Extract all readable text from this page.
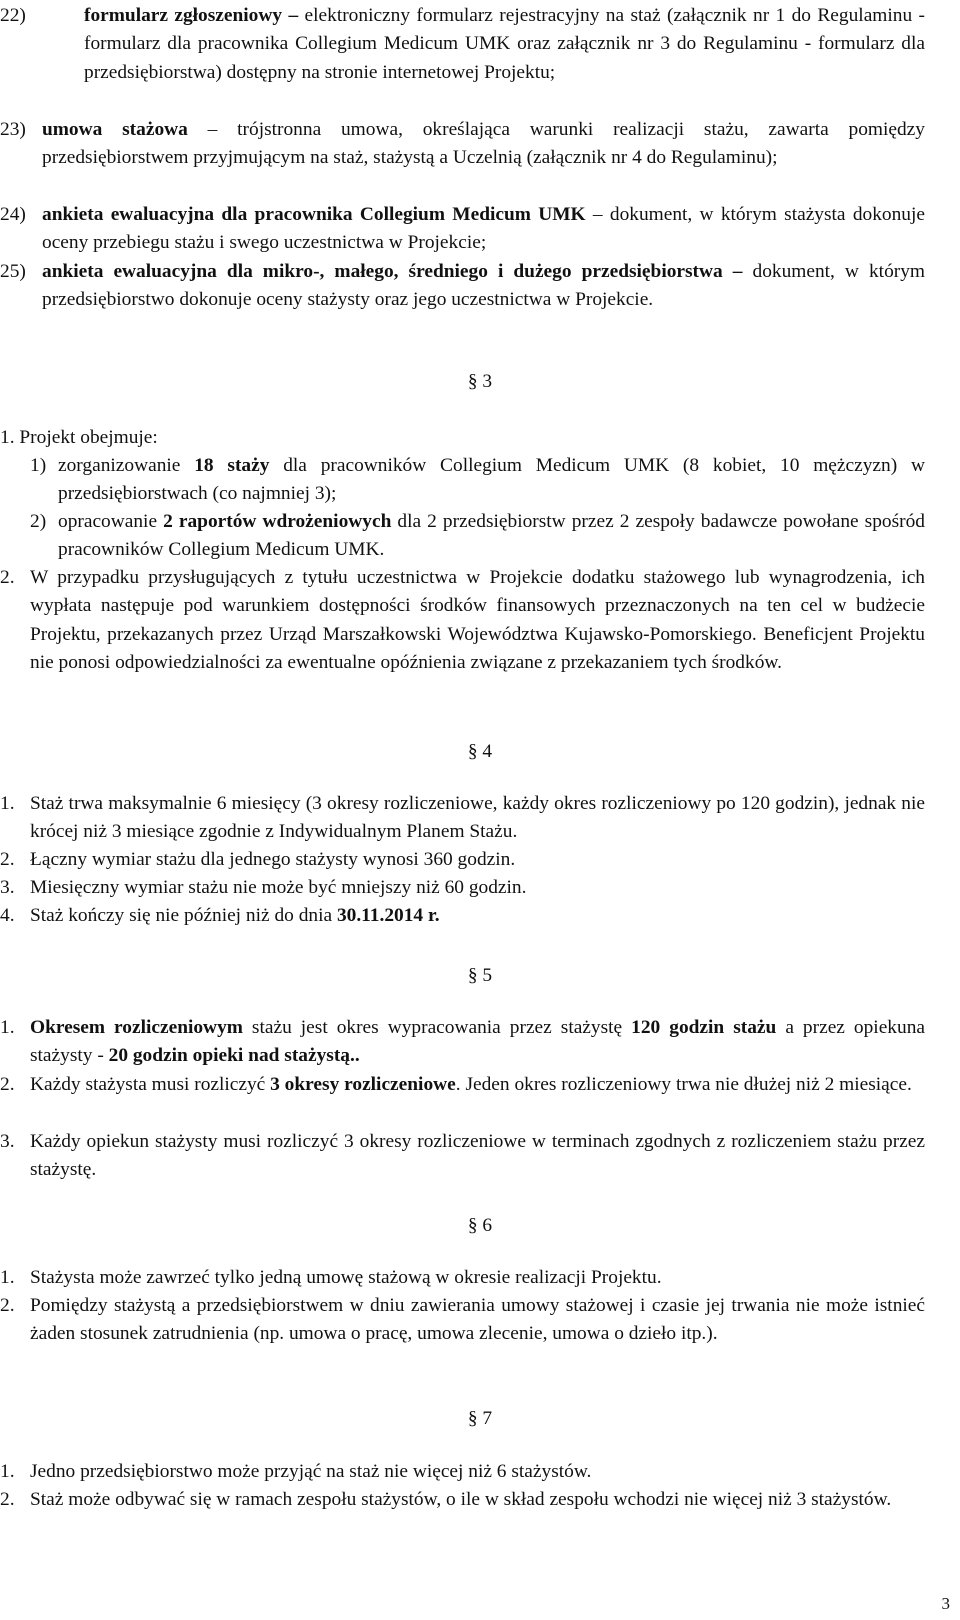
22)	formularz zgłoszeniowy – elektroniczny formularz rejestracyjny na staż (załącznik nr 1 do Regulaminu - formularz dla pracownika Collegium Medicum UMK oraz załącznik nr 3 do Regulaminu - formularz dla przedsiębiorstwa) dostępny na stronie internetowej Projektu;
23) umowa stażowa – trójstronna umowa, określająca warunki realizacji stażu, zawarta pomiędzy przedsiębiorstwem przyjmującym na staż, stażystą a Uczelnią (załącznik nr 4 do Regulaminu);
24) ankieta ewaluacyjna dla pracownika Collegium Medicum UMK – dokument, w którym stażysta dokonuje oceny przebiegu stażu i swego uczestnictwa w Projekcie;
25) ankieta ewaluacyjna dla mikro-, małego, średniego i dużego przedsiębiorstwa – dokument, w którym przedsiębiorstwo dokonuje oceny stażysty oraz jego uczestnictwa w Projekcie.
§ 3
1. Projekt obejmuje:
1) zorganizowanie 18 staży dla pracowników Collegium Medicum UMK (8 kobiet, 10 mężczyzn) w przedsiębiorstwach (co najmniej 3);
2) opracowanie 2 raportów wdrożeniowych dla 2 przedsiębiorstw przez 2 zespoły badawcze powołane spośród pracowników Collegium Medicum UMK.
2. W przypadku przysługujących z tytułu uczestnictwa w Projekcie dodatku stażowego lub wynagrodzenia, ich wypłata następuje pod warunkiem dostępności środków finansowych przeznaczonych na ten cel w budżecie Projektu, przekazanych przez Urząd Marszałkowski Województwa Kujawsko-Pomorskiego. Beneficjent Projektu nie ponosi odpowiedzialności za ewentualne opóźnienia związane z przekazaniem tych środków.
§ 4
1. Staż trwa maksymalnie 6 miesięcy (3 okresy rozliczeniowe, każdy okres rozliczeniowy po 120 godzin), jednak nie krócej niż 3 miesiące zgodnie z Indywidualnym Planem Stażu.
2. Łączny wymiar stażu dla jednego stażysty wynosi 360 godzin.
3. Miesięczny wymiar stażu nie może być mniejszy niż 60 godzin.
4. Staż kończy się nie później niż do dnia 30.11.2014 r.
§ 5
1. Okresem rozliczeniowym stażu jest okres wypracowania przez stażystę 120 godzin stażu a przez opiekuna stażysty - 20 godzin opieki nad stażystą..
2. Każdy stażysta musi rozliczyć 3 okresy rozliczeniowe. Jeden okres rozliczeniowy trwa nie dłużej niż 2 miesiące.
3. Każdy opiekun stażysty musi rozliczyć 3 okresy rozliczeniowe w terminach zgodnych z rozliczeniem stażu przez stażystę.
§ 6
1. Stażysta może zawrzeć tylko jedną umowę stażową w okresie realizacji Projektu.
2. Pomiędzy stażystą a przedsiębiorstwem w dniu zawierania umowy stażowej i czasie jej trwania nie może istnieć żaden stosunek zatrudnienia (np. umowa o pracę, umowa zlecenie, umowa o dzieło itp.).
§ 7
1. Jedno przedsiębiorstwo może przyjąć na staż nie więcej niż 6 stażystów.
2. Staż może odbywać się w ramach zespołu stażystów, o ile w skład zespołu wchodzi nie więcej niż 3 stażystów.
3
